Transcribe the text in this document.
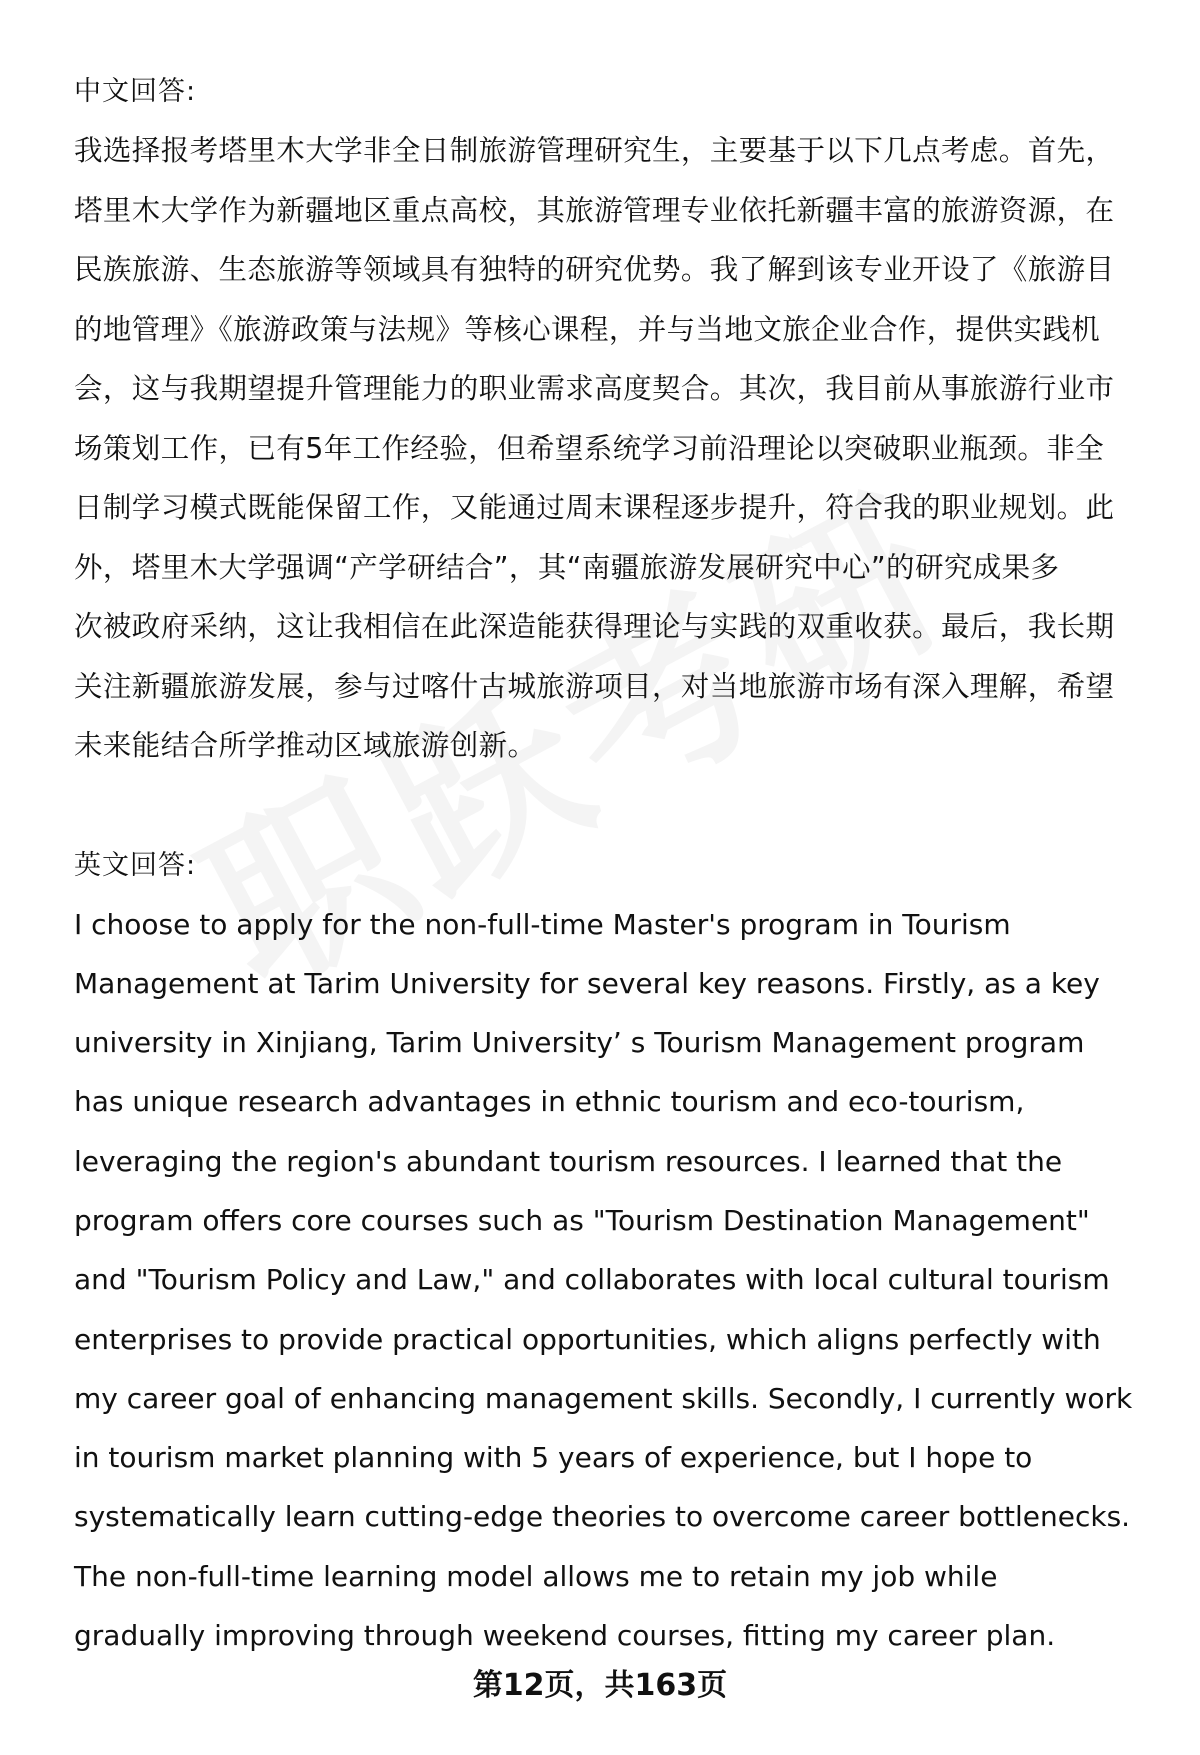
中文回答:

我选择报考塔里木大学非全日制旅游管理研究生，主要基于以下几点考虑。首先，
塔里木大学作为新疆地区重点高校，其旅游管理专业依托新疆丰富的旅游资源，在
民族旅游、生态旅游等领域具有独特的研究优势。我了解到该专业开设了《旅游目
的地管理》《旅游政策与法规》等核心课程，并与当地文旅企业合作，提供实践机
会，这与我期望提升管理能力的职业需求高度契合。其次，我目前从事旅游行业市
场策划工作，已有5年工作经验，但希望系统学习前沿理论以突破职业瓶颈。非全
日制学习模式既能保留工作，又能通过周末课程逐步提升，符合我的职业规划。此
外，塔里木大学强调“产学研结合”，其“南疆旅游发展研究中心”的研究成果多
次被政府采纳，这让我相信在此深造能获得理论与实践的双重收获。最后，我长期
关注新疆旅游发展，参与过喀什古城旅游项目，对当地旅游市场有深入理解，希望
未来能结合所学推动区域旅游创新。

英文回答:

I choose to apply for the non-full-time Master's program in Tourism
Management at Tarim University for several key reasons. Firstly, as a key
university in Xinjiang, Tarim University’ s Tourism Management program
has unique research advantages in ethnic tourism and eco-tourism,
leveraging the region's abundant tourism resources. I learned that the
program offers core courses such as "Tourism Destination Management"
and "Tourism Policy and Law," and collaborates with local cultural tourism
enterprises to provide practical opportunities, which aligns perfectly with
my career goal of enhancing management skills. Secondly, I currently work
in tourism market planning with 5 years of experience, but I hope to
systematically learn cutting-edge theories to overcome career bottlenecks.
The non-full-time learning model allows me to retain my job while
gradually improving through weekend courses, fitting my career plan.
第12页，共163页
